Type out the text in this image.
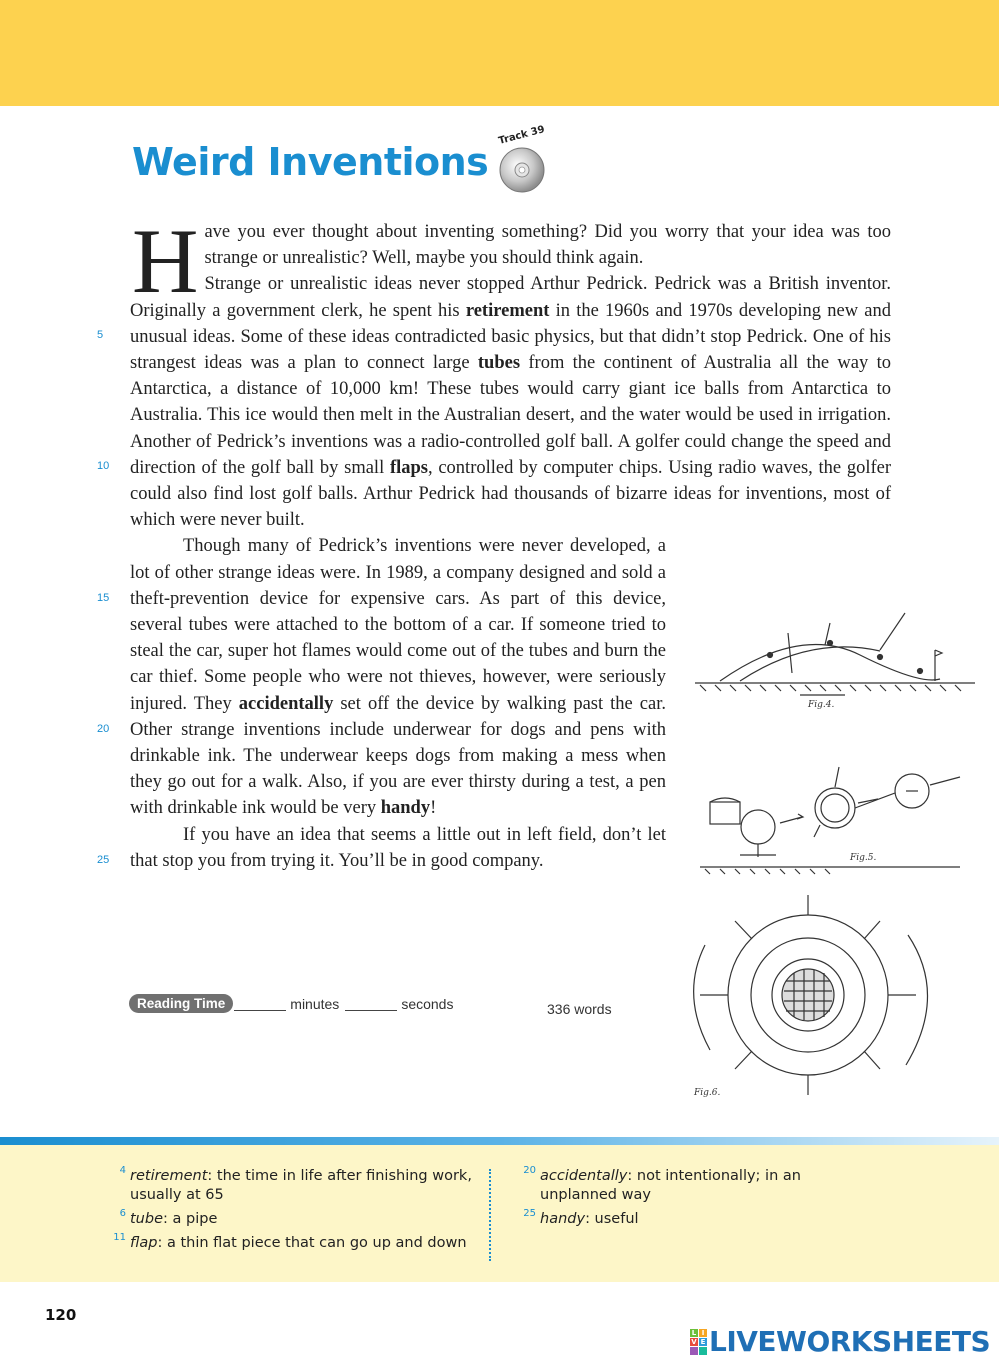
Weird Inventions
Track 39
5
10
15
20
25

Have you ever thought about inventing something? Did you worry that your idea was too strange or unrealistic? Well, maybe you should think again.

Strange or unrealistic ideas never stopped Arthur Pedrick. Pedrick was a British inventor. Originally a government clerk, he spent his retirement in the 1960s and 1970s developing new and unusual ideas. Some of these ideas contradicted basic physics, but that didn’t stop Pedrick. One of his strangest ideas was a plan to connect large tubes from the continent of Australia all the way to Antarctica, a distance of 10,000 km! These tubes would carry giant ice balls from Antarctica to Australia. This ice would then melt in the Australian desert, and the water would be used in irrigation. Another of Pedrick’s inventions was a radio-controlled golf ball. A golfer could change the speed and direction of the golf ball by small flaps, controlled by computer chips. Using radio waves, the golfer could also find lost golf balls. Arthur Pedrick had thousands of bizarre ideas for inventions, most of which were never built.

Though many of Pedrick’s inventions were never developed, a lot of other strange ideas were. In 1989, a company designed and sold a theft-prevention device for expensive cars. As part of this device, several tubes were attached to the bottom of a car. If someone tried to steal the car, super hot flames would come out of the tubes and burn the car thief. Some people who were not thieves, however, were seriously injured. They accidentally set off the device by walking past the car. Other strange inventions include underwear for dogs and pens with drinkable ink. The underwear keeps dogs from making a mess when they go out for a walk. Also, if you are ever thirsty during a test, a pen with drinkable ink would be very handy!

If you have an idea that seems a little out in left field, don’t let that stop you from trying it. You’ll be in good company.

Reading Time	minutes	seconds	336 words
Fig.4.
Fig.5.
Fig.6.
4 retirement: the time in life after finishing work, usually at 65
6 tube: a pipe
11 flap: a thin flat piece that can go up and down
20 accidentally: not intentionally; in an unplanned way
25 handy: useful
120
L I
V E LIVEWORKSHEETS
